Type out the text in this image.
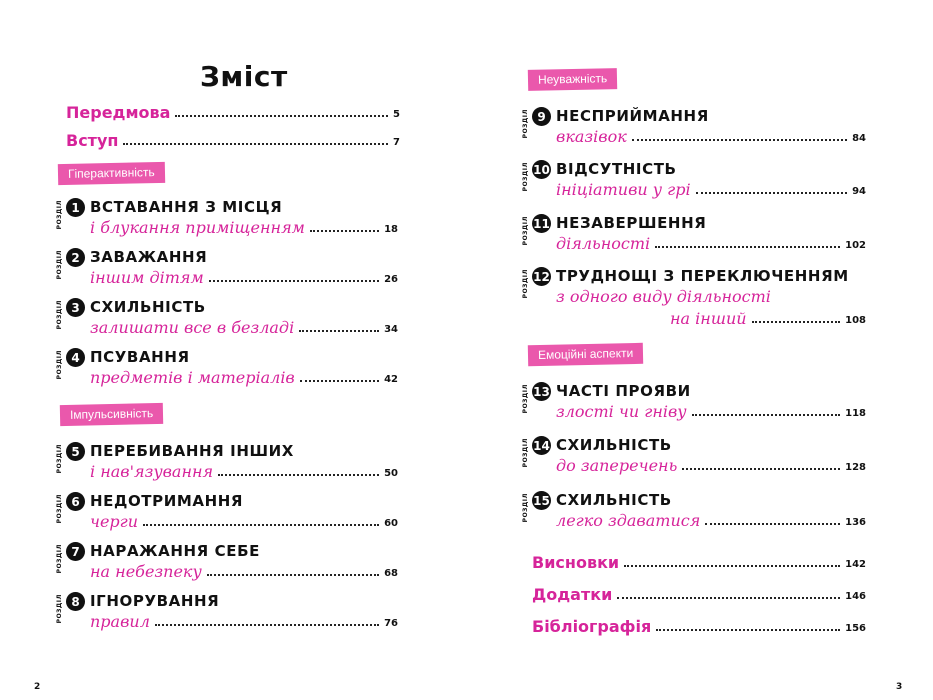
Зміст
Передмова	5
Вступ	7
Гіперактивність
РОЗДІЛ 1 ВСТАВАННЯ З МІСЦЯ
і блукання приміщенням	18
РОЗДІЛ 2 ЗАВАЖАННЯ
іншим дітям	26
РОЗДІЛ 3 СХИЛЬНІСТЬ
залишати все в безладі	34
РОЗДІЛ 4 ПСУВАННЯ
предметів і матеріалів	42
Імпульсивність
РОЗДІЛ 5 ПЕРЕБИВАННЯ ІНШИХ
і нав'язування	50
РОЗДІЛ 6 НЕДОТРИМАННЯ
черги	60
РОЗДІЛ 7 НАРАЖАННЯ СЕБЕ
на небезпеку	68
РОЗДІЛ 8 ІГНОРУВАННЯ
правил	76
2
Неуважність
РОЗДІЛ 9 НЕСПРИЙМАННЯ
вказівок	84
РОЗДІЛ 10 ВІДСУТНІСТЬ
ініціативи у грі	94
РОЗДІЛ 11 НЕЗАВЕРШЕННЯ
діяльності	102
РОЗДІЛ 12 ТРУДНОЩІ З ПЕРЕКЛЮЧЕННЯМ
з одного виду діяльності
на інший	108
Емоційні аспекти
РОЗДІЛ 13 ЧАСТІ ПРОЯВИ
злості чи гніву	118
РОЗДІЛ 14 СХИЛЬНІСТЬ
до заперечень	128
РОЗДІЛ 15 СХИЛЬНІСТЬ
легко здаватися	136
Висновки	142
Додатки	146
Бібліографія	156
3
